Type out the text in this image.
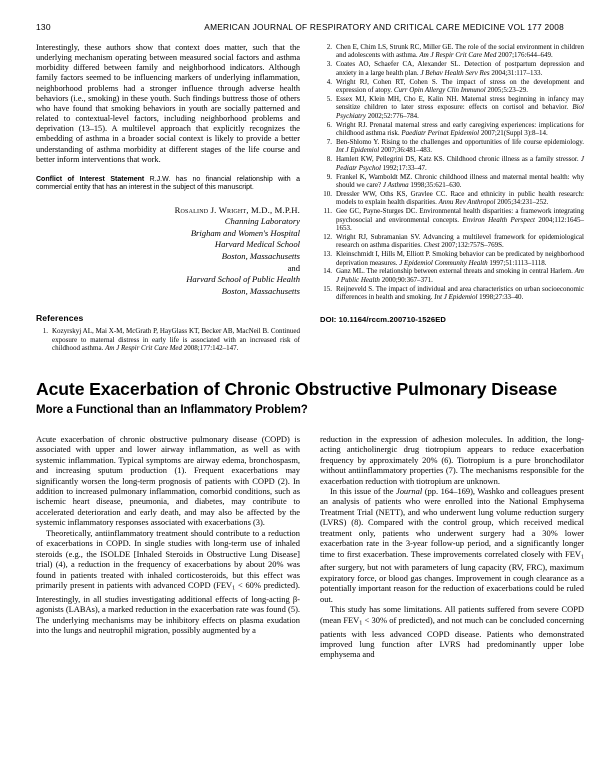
130	AMERICAN JOURNAL OF RESPIRATORY AND CRITICAL CARE MEDICINE VOL 177 2008

Interestingly, these authors show that context does matter, such that the underlying mechanism operating between measured social factors and asthma morbidity differed between family and neighborhood indicators. Although family factors seemed to be influencing markers of underlying inflammation, neighborhood problems had a stronger influence through adverse health behaviors (i.e., smoking) in these youth. Such findings buttress those of others who have found that smoking behaviors in youth are socially patterned and related to contextual-level factors, including neighborhood problems and deprivation (13–15). A multilevel approach that explicitly recognizes the embedding of asthma in a broader social context is likely to provide a better understanding of asthma morbidity at different stages of the life course and better inform interventions that work.

Conflict of Interest Statement R.J.W. has no financial relationship with a commercial entity that has an interest in the subject of this manuscript.

Rosalind J. Wright, M.D., M.P.H.
Channing Laboratory
Brigham and Women's Hospital
Harvard Medical School
Boston, Massachusetts
and
Harvard School of Public Health
Boston, Massachusetts
References
Kozyrskyj AL, Mai X-M, McGrath P, HayGlass KT, Becker AB, MacNeil B. Continued exposure to maternal distress in early life is associated with an increased risk of childhood asthma. Am J Respir Crit Care Med 2008;177:142–147.
Chen E, Chim LS, Strunk RC, Miller GE. The role of the social environment in children and adolescents with asthma. Am J Respir Crit Care Med 2007;176:644–649.
Coates AO, Schaefer CA, Alexander SL. Detection of postpartum depression and anxiety in a large health plan. J Behav Health Serv Res 2004;31:117–133.
Wright RJ, Cohen RT, Cohen S. The impact of stress on the development and expression of atopy. Curr Opin Allergy Clin Immunol 2005;5:23–29.
Essex MJ, Klein MH, Cho E, Kalin NH. Maternal stress beginning in infancy may sensitize children to later stress exposure: effects on cortisol and behavior. Biol Psychiatry 2002;52:776–784.
Wright RJ. Prenatal maternal stress and early caregiving experiences: implications for childhood asthma risk. Paediatr Perinat Epidemiol 2007;21(Suppl 3):8–14.
Ben-Shlomo Y. Rising to the challenges and opportunities of life course epidemiology. Int J Epidemiol 2007;36:481–483.
Hamlett KW, Pellegrini DS, Katz KS. Childhood chronic illness as a family stressor. J Pediatr Psychol 1992;17:33–47.
Frankel K, Wamboldt MZ. Chronic childhood illness and maternal mental health: why should we care? J Asthma 1998;35:621–630.
Dressler WW, Oths KS, Gravlee CC. Race and ethnicity in public health research: models to explain health disparities. Annu Rev Anthropol 2005;34:231–252.
Gee GC, Payne-Sturges DC. Environmental health disparities: a framework integrating psychosocial and environmental concepts. Environ Health Perspect 2004;112:1645–1653.
Wright RJ, Subramanian SV. Advancing a multilevel framework for epidemiological research on asthma disparities. Chest 2007;132:757S–769S.
Kleinschmidt I, Hills M, Elliott P. Smoking behavior can be predicated by neighborhood deprivation measures. J Epidemiol Community Health 1997;51:1113–1118.
Ganz ML. The relationship between external threats and smoking in central Harlem. Am J Public Health 2000;90:367–371.
Reijneveld S. The impact of individual and area characteristics on urban socioeconomic differences in health and smoking. Int J Epidemiol 1998;27:33–40.
DOI: 10.1164/rccm.200710-1526ED
Acute Exacerbation of Chronic Obstructive Pulmonary Disease
More a Functional than an Inflammatory Problem?

Acute exacerbation of chronic obstructive pulmonary disease (COPD) is associated with upper and lower airway inflammation, as well as with systemic inflammation. Typical symptoms are airway edema, bronchospasm, and increasing sputum production (1). Frequent exacerbations may significantly worsen the long-term prognosis of patients with COPD (2). In addition to increased pulmonary inflammation, comorbid conditions, such as ischemic heart disease, pneumonia, and diabetes, may contribute to accelerated deterioration and early death, and may also be affected by the systemic inflammatory responses associated with exacerbations (3).

Theoretically, antiinflammatory treatment should contribute to a reduction of exacerbations in COPD. In single studies with long-term use of inhaled steroids (e.g., the ISOLDE [Inhaled Steroids in Obstructive Lung Disease] trial) (4), a reduction in the frequency of exacerbations by about 20% was found in patients treated with inhaled corticosteroids, but this effect was primarily present in patients with advanced COPD ($FEV_1 < 60\%$ predicted). Interestingly, in all studies investigating additional effects of long-acting β-agonists (LABAs), a marked reduction in the exacerbation rate was found (5). The underlying mechanisms may be inhibitory effects on plasma exudation into the lungs and neutrophil migration, possibly augmented by a

reduction in the expression of adhesion molecules. In addition, the long-acting anticholinergic drug tiotropium appears to reduce exacerbation frequency by approximately 20% (6). Tiotropium is a pure bronchodilator without antiinflammatory properties (7). The mechanisms responsible for the exacerbation reduction with tiotropium are unknown.

In this issue of the Journal (pp. 164–169), Washko and colleagues present an analysis of patients who were enrolled into the National Emphysema Treatment Trial (NETT), and who underwent lung volume reduction surgery (LVRS) (8). Compared with the control group, which received medical treatment only, patients who underwent surgery had a 30% lower exacerbation rate in the 3-year follow-up period, and a significantly longer time to first exacerbation. These improvements correlated closely with $FEV_1$ after surgery, but not with parameters of lung capacity (RV, FRC), maximum expiratory force, or blood gas changes. Improvement in cough clearance as a potentially important reason for the reduction of exacerbations could be ruled out.

This study has some limitations. All patients suffered from severe COPD (mean $FEV_1 < 30\%$ of predicted), and not much can be concluded concerning patients with less advanced COPD disease. Patients who demonstrated improved lung function after LVRS had predominantly upper lobe emphysema and
